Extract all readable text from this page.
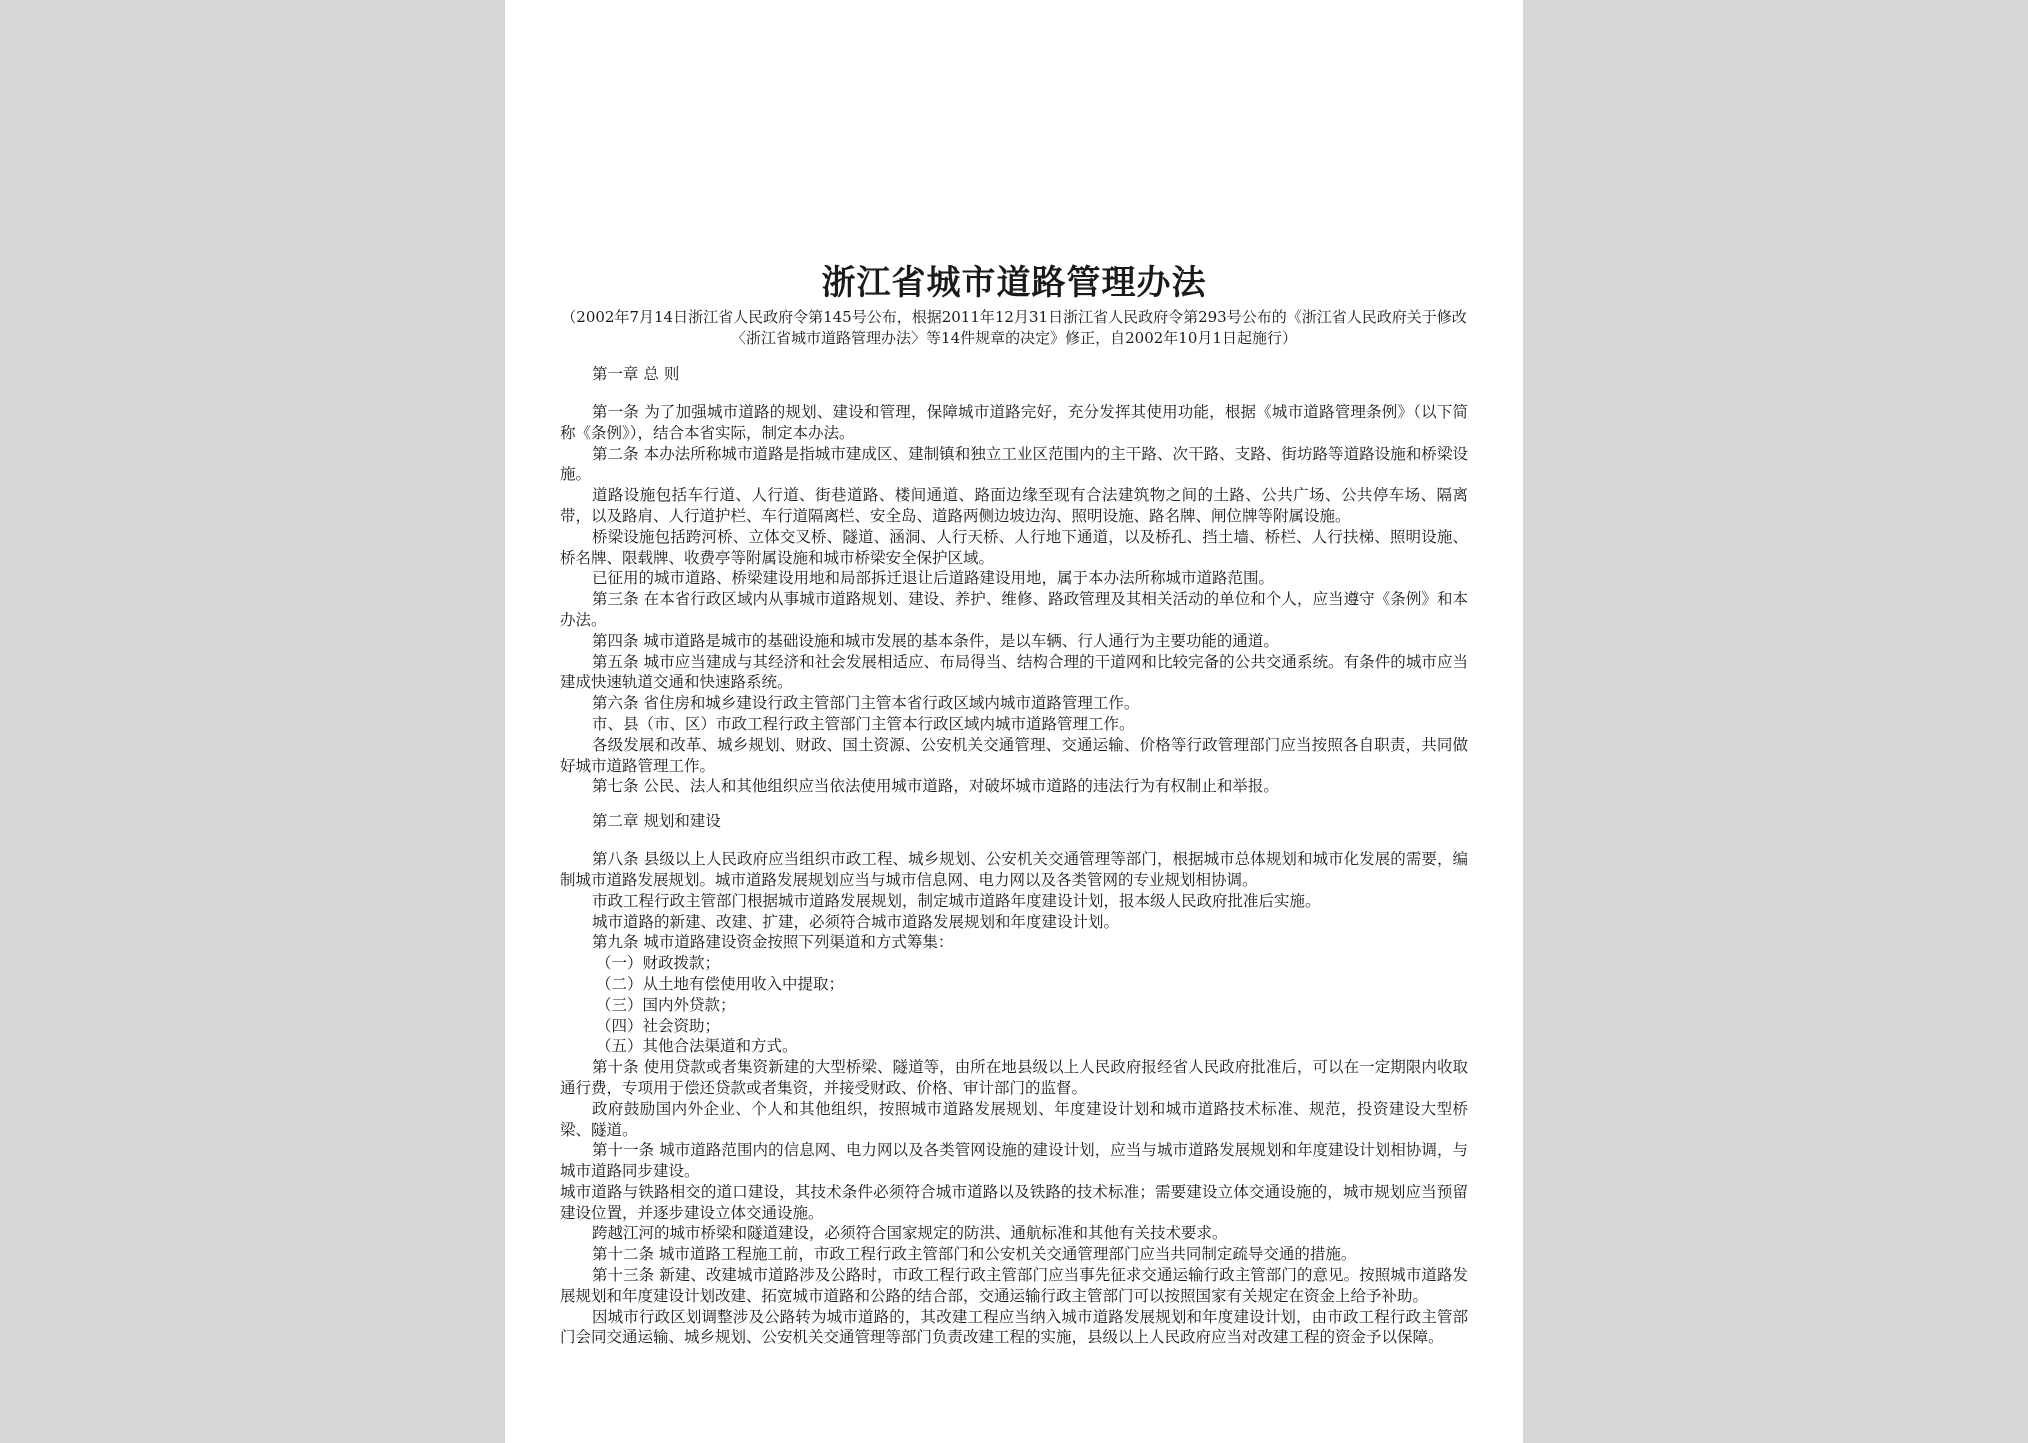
浙江省城市道路管理办法

（2002年7月14日浙江省人民政府令第145号公布，根据2011年12月31日浙江省人民政府令第293号公布的《浙江省人民政府关于修改〈浙江省城市道路管理办法〉等14件规章的决定》修正，自2002年10月1日起施行）

第一章 总 则

第一条 为了加强城市道路的规划、建设和管理，保障城市道路完好，充分发挥其使用功能，根据《城市道路管理条例》（以下简称《条例》），结合本省实际，制定本办法。

第二条 本办法所称城市道路是指城市建成区、建制镇和独立工业区范围内的主干路、次干路、支路、街坊路等道路设施和桥梁设施。

道路设施包括车行道、人行道、街巷道路、楼间通道、路面边缘至现有合法建筑物之间的土路、公共广场、公共停车场、隔离带，以及路肩、人行道护栏、车行道隔离栏、安全岛、道路两侧边坡边沟、照明设施、路名牌、闸位牌等附属设施。

桥梁设施包括跨河桥、立体交叉桥、隧道、涵洞、人行天桥、人行地下通道，以及桥孔、挡土墙、桥栏、人行扶梯、照明设施、桥名牌、限载牌、收费亭等附属设施和城市桥梁安全保护区域。

已征用的城市道路、桥梁建设用地和局部拆迁退让后道路建设用地，属于本办法所称城市道路范围。

第三条 在本省行政区域内从事城市道路规划、建设、养护、维修、路政管理及其相关活动的单位和个人，应当遵守《条例》和本办法。

第四条 城市道路是城市的基础设施和城市发展的基本条件，是以车辆、行人通行为主要功能的通道。

第五条 城市应当建成与其经济和社会发展相适应、布局得当、结构合理的干道网和比较完备的公共交通系统。有条件的城市应当建成快速轨道交通和快速路系统。

第六条 省住房和城乡建设行政主管部门主管本省行政区域内城市道路管理工作。

市、县（市、区）市政工程行政主管部门主管本行政区域内城市道路管理工作。

各级发展和改革、城乡规划、财政、国土资源、公安机关交通管理、交通运输、价格等行政管理部门应当按照各自职责，共同做好城市道路管理工作。

第七条 公民、法人和其他组织应当依法使用城市道路，对破坏城市道路的违法行为有权制止和举报。

第二章 规划和建设

第八条 县级以上人民政府应当组织市政工程、城乡规划、公安机关交通管理等部门，根据城市总体规划和城市化发展的需要，编制城市道路发展规划。城市道路发展规划应当与城市信息网、电力网以及各类管网的专业规划相协调。

市政工程行政主管部门根据城市道路发展规划，制定城市道路年度建设计划，报本级人民政府批准后实施。

城市道路的新建、改建、扩建，必须符合城市道路发展规划和年度建设计划。

第九条 城市道路建设资金按照下列渠道和方式筹集：

（一）财政拨款；

（二）从土地有偿使用收入中提取；

（三）国内外贷款；

（四）社会资助；

（五）其他合法渠道和方式。

第十条 使用贷款或者集资新建的大型桥梁、隧道等，由所在地县级以上人民政府报经省人民政府批准后，可以在一定期限内收取通行费，专项用于偿还贷款或者集资，并接受财政、价格、审计部门的监督。

政府鼓励国内外企业、个人和其他组织，按照城市道路发展规划、年度建设计划和城市道路技术标准、规范，投资建设大型桥梁、隧道。

第十一条 城市道路范围内的信息网、电力网以及各类管网设施的建设计划，应当与城市道路发展规划和年度建设计划相协调，与城市道路同步建设。

城市道路与铁路相交的道口建设，其技术条件必须符合城市道路以及铁路的技术标准；需要建设立体交通设施的，城市规划应当预留建设位置，并逐步建设立体交通设施。

跨越江河的城市桥梁和隧道建设，必须符合国家规定的防洪、通航标准和其他有关技术要求。

第十二条 城市道路工程施工前，市政工程行政主管部门和公安机关交通管理部门应当共同制定疏导交通的措施。

第十三条 新建、改建城市道路涉及公路时，市政工程行政主管部门应当事先征求交通运输行政主管部门的意见。按照城市道路发展规划和年度建设计划改建、拓宽城市道路和公路的结合部，交通运输行政主管部门可以按照国家有关规定在资金上给予补助。

因城市行政区划调整涉及公路转为城市道路的，其改建工程应当纳入城市道路发展规划和年度建设计划，由市政工程行政主管部门会同交通运输、城乡规划、公安机关交通管理等部门负责改建工程的实施，县级以上人民政府应当对改建工程的资金予以保障。
